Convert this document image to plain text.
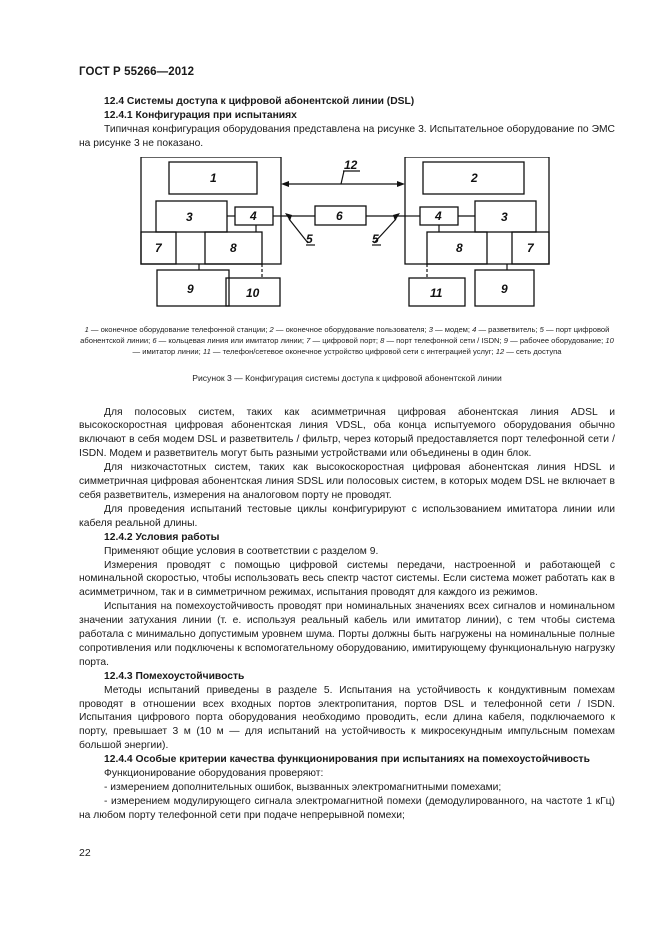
ГОСТ Р 55266—2012

12.4 Системы доступа к цифровой абонентской линии (DSL)

12.4.1 Конфигурация при испытаниях

Типичная конфигурация оборудования представлена на рисунке 3. Испытательное оборудование по ЭМС на рисунке 3 не показано.

1	2
3	4	6	4	3
7	8	8	7
9	10	11	9
12
5	5

1 — оконечное оборудование телефонной станции; 2 — оконечное оборудование пользователя; 3 — модем; 4 — разветвитель; 5 — порт цифровой абонентской линии; 6 — кольцевая линия или имитатор линии; 7 — цифровой порт; 8 — порт телефонной сети / ISDN; 9 — рабочее оборудование; 10 — имитатор линии; 11 — телефон/сетевое оконечное устройство цифровой сети с интеграцией услуг; 12 — сеть доступа

Рисунок 3 — Конфигурация системы доступа к цифровой абонентской линии

Для полосовых систем, таких как асимметричная цифровая абонентская линия ADSL и высокоскоростная цифровая абонентская линия VDSL, оба конца испытуемого оборудования обычно включают в себя модем DSL и разветвитель / фильтр, через который предоставляется порт телефонной сети / ISDN. Модем и разветвитель могут быть разными устройствами или объединены в один блок.

Для низкочастотных систем, таких как высокоскоростная цифровая абонентская линия HDSL и симметричная цифровая абонентская линия SDSL или полосовых систем, в которых модем DSL не включает в себя разветвитель, измерения на аналоговом порту не проводят.

Для проведения испытаний тестовые циклы конфигурируют с использованием имитатора линии или кабеля реальной длины.

12.4.2 Условия работы

Применяют общие условия в соответствии с разделом 9.

Измерения проводят с помощью цифровой системы передачи, настроенной и работающей с номинальной скоростью, чтобы использовать весь спектр частот системы. Если система может работать как в асимметричном, так и в симметричном режимах, испытания проводят для каждого из режимов.

Испытания на помехоустойчивость проводят при номинальных значениях всех сигналов и номинальном значении затухания линии (т. е. используя реальный кабель или имитатор линии), с тем чтобы система работала с минимально допустимым уровнем шума. Порты должны быть нагружены на номинальные полные сопротивления или подключены к вспомогательному оборудованию, имитирующему функциональную нагрузку порта.

12.4.3 Помехоустойчивость

Методы испытаний приведены в разделе 5. Испытания на устойчивость к кондуктивным помехам проводят в отношении всех входных портов электропитания, портов DSL и телефонной сети / ISDN. Испытания цифрового порта оборудования необходимо проводить, если длина кабеля, подключаемого к порту, превышает 3 м (10 м — для испытаний на устойчивость к микросекундным импульсным помехам большой энергии).

12.4.4 Особые критерии качества функционирования при испытаниях на помехоустойчивость

Функционирование оборудования проверяют:

- измерением дополнительных ошибок, вызванных электромагнитными помехами;

- измерением модулирующего сигнала электромагнитной помехи (демодулированного, на частоте 1 кГц) на любом порту телефонной сети при подаче непрерывной помехи;

22
